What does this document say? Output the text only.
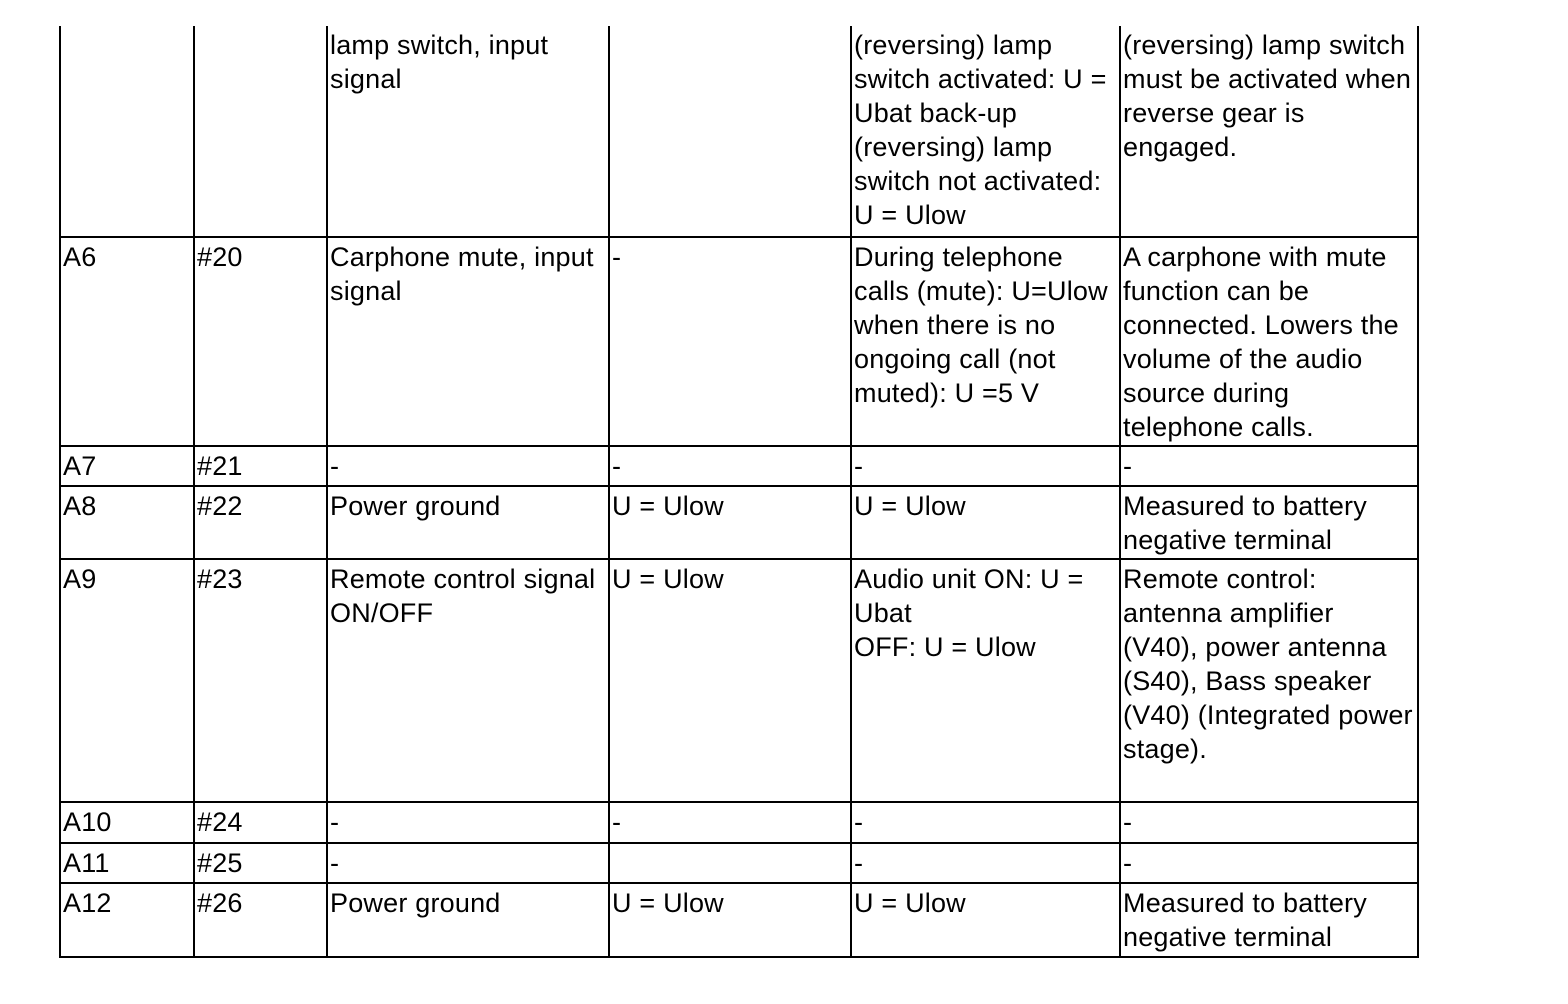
		lamp switch, input signal		(reversing) lamp switch activated: U = Ubat back-up (reversing) lamp switch not activated: U = Ulow	(reversing) lamp switch must be activated when reverse gear is engaged.

A6	#20	Carphone mute, input signal	-	During telephone calls (mute): U=Ulow when there is no ongoing call (not muted): U =5 V	A carphone with mute function can be connected. Lowers the volume of the audio source during telephone calls.

A7	#21	-	-	-	-

A8	#22	Power ground	U = Ulow	U = Ulow	Measured to battery negative terminal

A9	#23	Remote control signal ON/OFF	U = Ulow	Audio unit ON: U = Ubat
OFF: U = Ulow	Remote control: antenna amplifier (V40), power antenna (S40), Bass speaker (V40) (Integrated power stage).

A10	#24	-	-	-	-

A11	#25	-		-	-

A12	#26	Power ground	U = Ulow	U = Ulow	Measured to battery negative terminal
